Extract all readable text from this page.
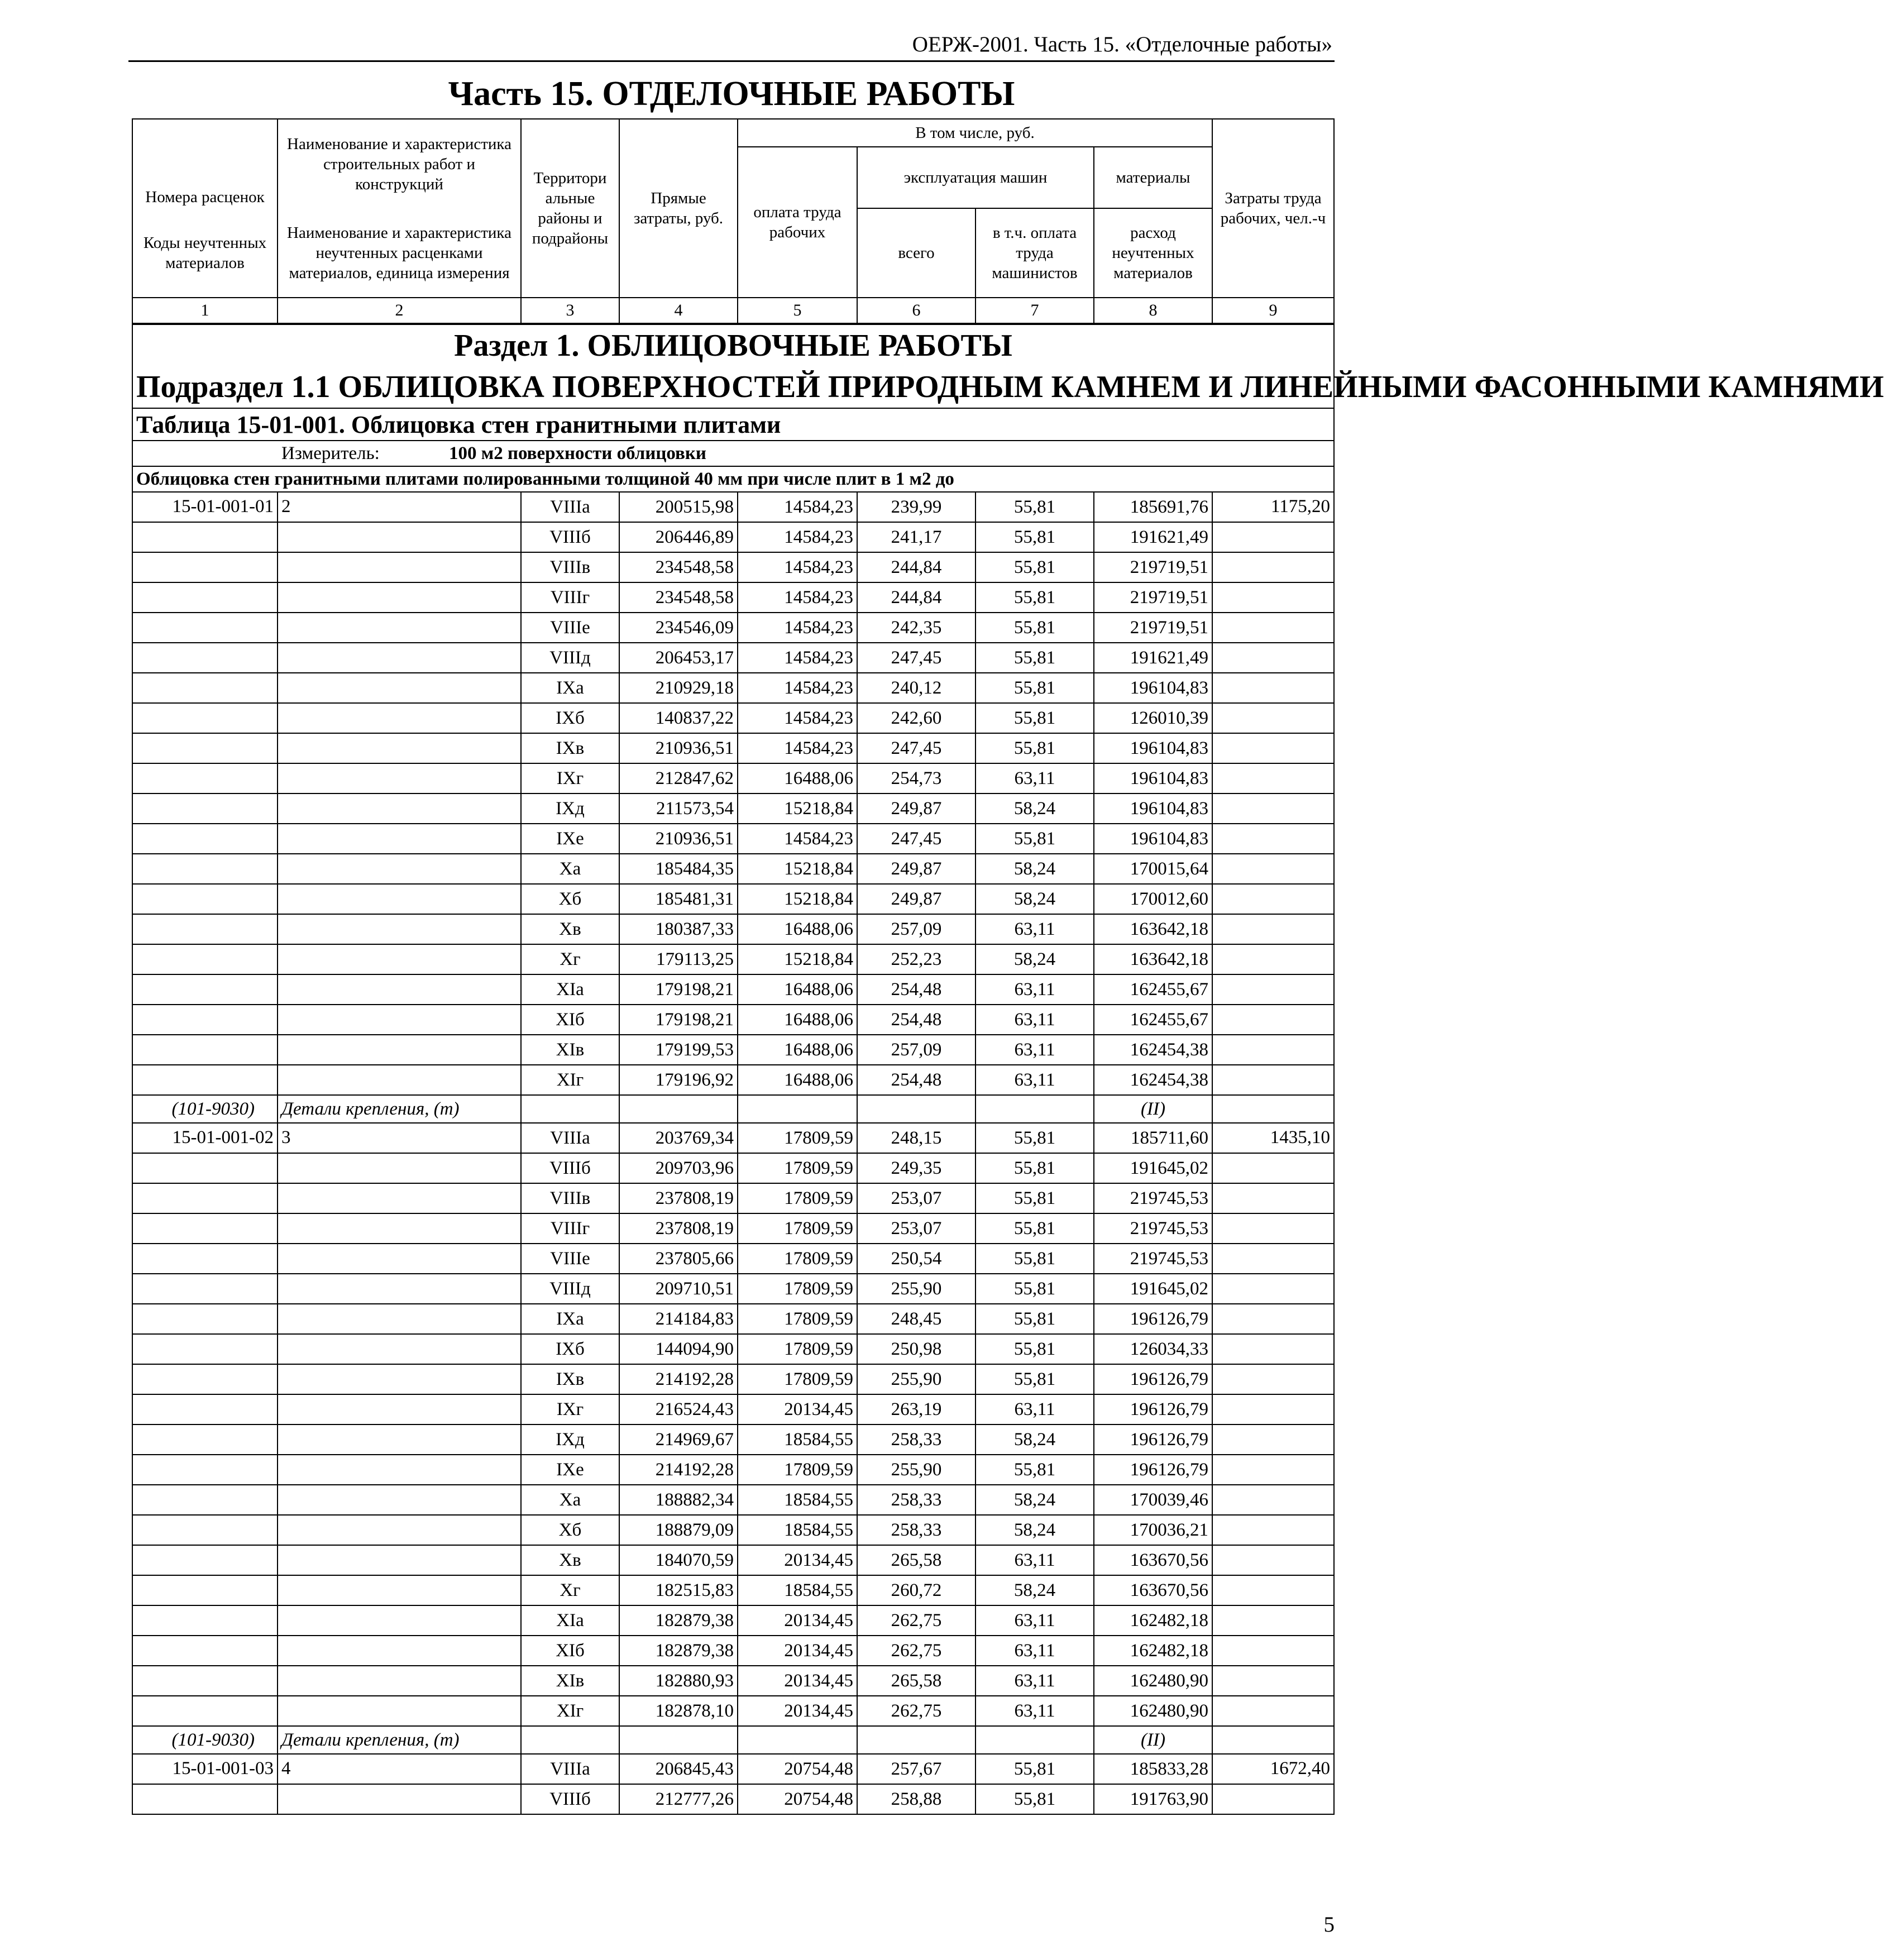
ОЕРЖ-2001. Часть 15. «Отделочные работы»
Часть 15. ОТДЕЛОЧНЫЕ РАБОТЫ
Номера расценок	Наименование и характеристика строительных работ и конструкций	Территори альные районы и подрайоны	Прямые затраты, руб.	В том числе, руб.				Затраты труда рабочих, чел.-ч
				оплата труда рабочих	эксплуатация машин		материалы	
Коды неучтенных материалов	Наименование и характеристика неучтенных расценками материалов, единица измерения				всего	в т.ч. оплата труда машинистов	расход неучтенных материалов	

1	2	3	4	5	6	7	8	9

Раздел 1. ОБЛИЦОВОЧНЫЕ РАБОТЫ
Подраздел 1.1 ОБЛИЦОВКА ПОВЕРХНОСТЕЙ ПРИРОДНЫМ КАМНЕМ И ЛИНЕЙНЫМИ ФАСОННЫМИ КАМНЯМИ								

Таблица 15-01-001. Облицовка стен гранитными плитами								
Измеритель: 100 м2 поверхности облицовки								
Облицовка стен гранитными плитами полированными толщиной 40 мм при числе плит в 1 м2 до								
15-01-001-01	2	VIIIа	200515,98	14584,23	239,99	55,81	185691,76	1175,20
		VIIIб	206446,89	14584,23	241,17	55,81	191621,49	
		VIIIв	234548,58	14584,23	244,84	55,81	219719,51	
		VIIIг	234548,58	14584,23	244,84	55,81	219719,51	
		VIIIе	234546,09	14584,23	242,35	55,81	219719,51	
		VIIIд	206453,17	14584,23	247,45	55,81	191621,49	
		IXа	210929,18	14584,23	240,12	55,81	196104,83	
		IXб	140837,22	14584,23	242,60	55,81	126010,39	
		IXв	210936,51	14584,23	247,45	55,81	196104,83	
		IXг	212847,62	16488,06	254,73	63,11	196104,83	
		IXд	211573,54	15218,84	249,87	58,24	196104,83	
		IXе	210936,51	14584,23	247,45	55,81	196104,83	
		Xа	185484,35	15218,84	249,87	58,24	170015,64	
		Xб	185481,31	15218,84	249,87	58,24	170012,60	
		Xв	180387,33	16488,06	257,09	63,11	163642,18	
		Xг	179113,25	15218,84	252,23	58,24	163642,18	
		XIа	179198,21	16488,06	254,48	63,11	162455,67	
		XIб	179198,21	16488,06	254,48	63,11	162455,67	
		XIв	179199,53	16488,06	257,09	63,11	162454,38	
		XIг	179196,92	16488,06	254,48	63,11	162454,38	
(101-9030)	Детали крепления, (т)						(II)	
15-01-001-02	3	VIIIа	203769,34	17809,59	248,15	55,81	185711,60	1435,10
		VIIIб	209703,96	17809,59	249,35	55,81	191645,02	
		VIIIв	237808,19	17809,59	253,07	55,81	219745,53	
		VIIIг	237808,19	17809,59	253,07	55,81	219745,53	
		VIIIе	237805,66	17809,59	250,54	55,81	219745,53	
		VIIIд	209710,51	17809,59	255,90	55,81	191645,02	
		IXа	214184,83	17809,59	248,45	55,81	196126,79	
		IXб	144094,90	17809,59	250,98	55,81	126034,33	
		IXв	214192,28	17809,59	255,90	55,81	196126,79	
		IXг	216524,43	20134,45	263,19	63,11	196126,79	
		IXд	214969,67	18584,55	258,33	58,24	196126,79	
		IXе	214192,28	17809,59	255,90	55,81	196126,79	
		Xа	188882,34	18584,55	258,33	58,24	170039,46	
		Xб	188879,09	18584,55	258,33	58,24	170036,21	
		Xв	184070,59	20134,45	265,58	63,11	163670,56	
		Xг	182515,83	18584,55	260,72	58,24	163670,56	
		XIа	182879,38	20134,45	262,75	63,11	162482,18	
		XIб	182879,38	20134,45	262,75	63,11	162482,18	
		XIв	182880,93	20134,45	265,58	63,11	162480,90	
		XIг	182878,10	20134,45	262,75	63,11	162480,90	
(101-9030)	Детали крепления, (т)						(II)	
15-01-001-03	4	VIIIа	206845,43	20754,48	257,67	55,81	185833,28	1672,40
		VIIIб	212777,26	20754,48	258,88	55,81	191763,90	
5
